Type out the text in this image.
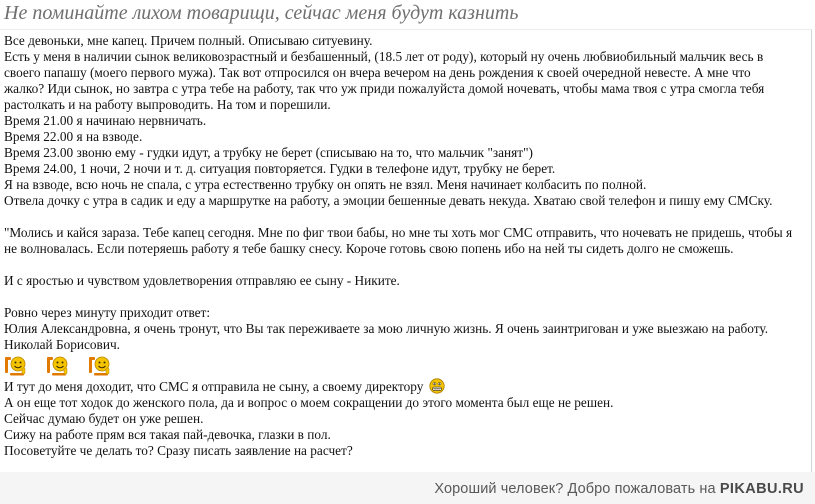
Не поминайте лихом товарищи, сейчас меня будут казнить
Все девоньки, мне капец. Причем полный. Описываю ситуевину.
Есть у меня в наличии сынок великовозрастный и безбашенный, (18.5 лет от роду), который ну очень любвиобильный мальчик весь в
своего папашу (моего первого мужа). Так вот отпросился он вчера вечером на день рождения к своей очередной невесте. А мне что
жалко? Иди сынок, но завтра с утра тебе на работу, так что уж приди пожалуйста домой ночевать, чтобы мама твоя с утра смогла тебя
растолкать и на работу выпроводить. На том и порешили.
Время 21.00 я начинаю нервничать.
Время 22.00 я на взводе.
Время 23.00 звоню ему - гудки идут, а трубку не берет (списываю на то, что мальчик "занят")
Время 24.00, 1 ночи, 2 ночи и т. д. ситуация повторяется. Гудки в телефоне идут, трубку не берет.
Я на взводе, всю ночь не спала, с утра естественно трубку он опять не взял. Меня начинает колбасить по полной.
Отвела дочку с утра в садик и еду а маршрутке на работу, а эмоции бешенные девать некуда. Хватаю свой телефон и пишу ему СМСку.
"Молись и кайся зараза. Тебе капец сегодня. Мне по фиг твои бабы, но мне ты хоть мог СМС отправить, что ночевать не придешь, чтобы я
не волновалась. Если потеряешь работу я тебе башку снесу. Короче готовь свою попень ибо на ней ты сидеть долго не сможешь.
И с яростью и чувством удовлетворения отправляю ее сыну - Никите.
Ровно через минуту приходит ответ:
Юлия Александровна, я очень тронут, что Вы так переживаете за мою личную жизнь. Я очень заинтригован и уже выезжаю на работу.
Николай Борисович.
И тут до меня доходит, что СМС я отправила не сыну, а своему директору
А он еще тот ходок до женского пола, да и вопрос о моем сокращении до этого момента был еще не решен.
Сейчас думаю будет он уже решен.
Сижу на работе прям вся такая пай-девочка, глазки в пол.
Посоветуйте че делать то? Сразу писать заявление на расчет?
Хороший человек? Добро пожаловать на PIKABU.RU
